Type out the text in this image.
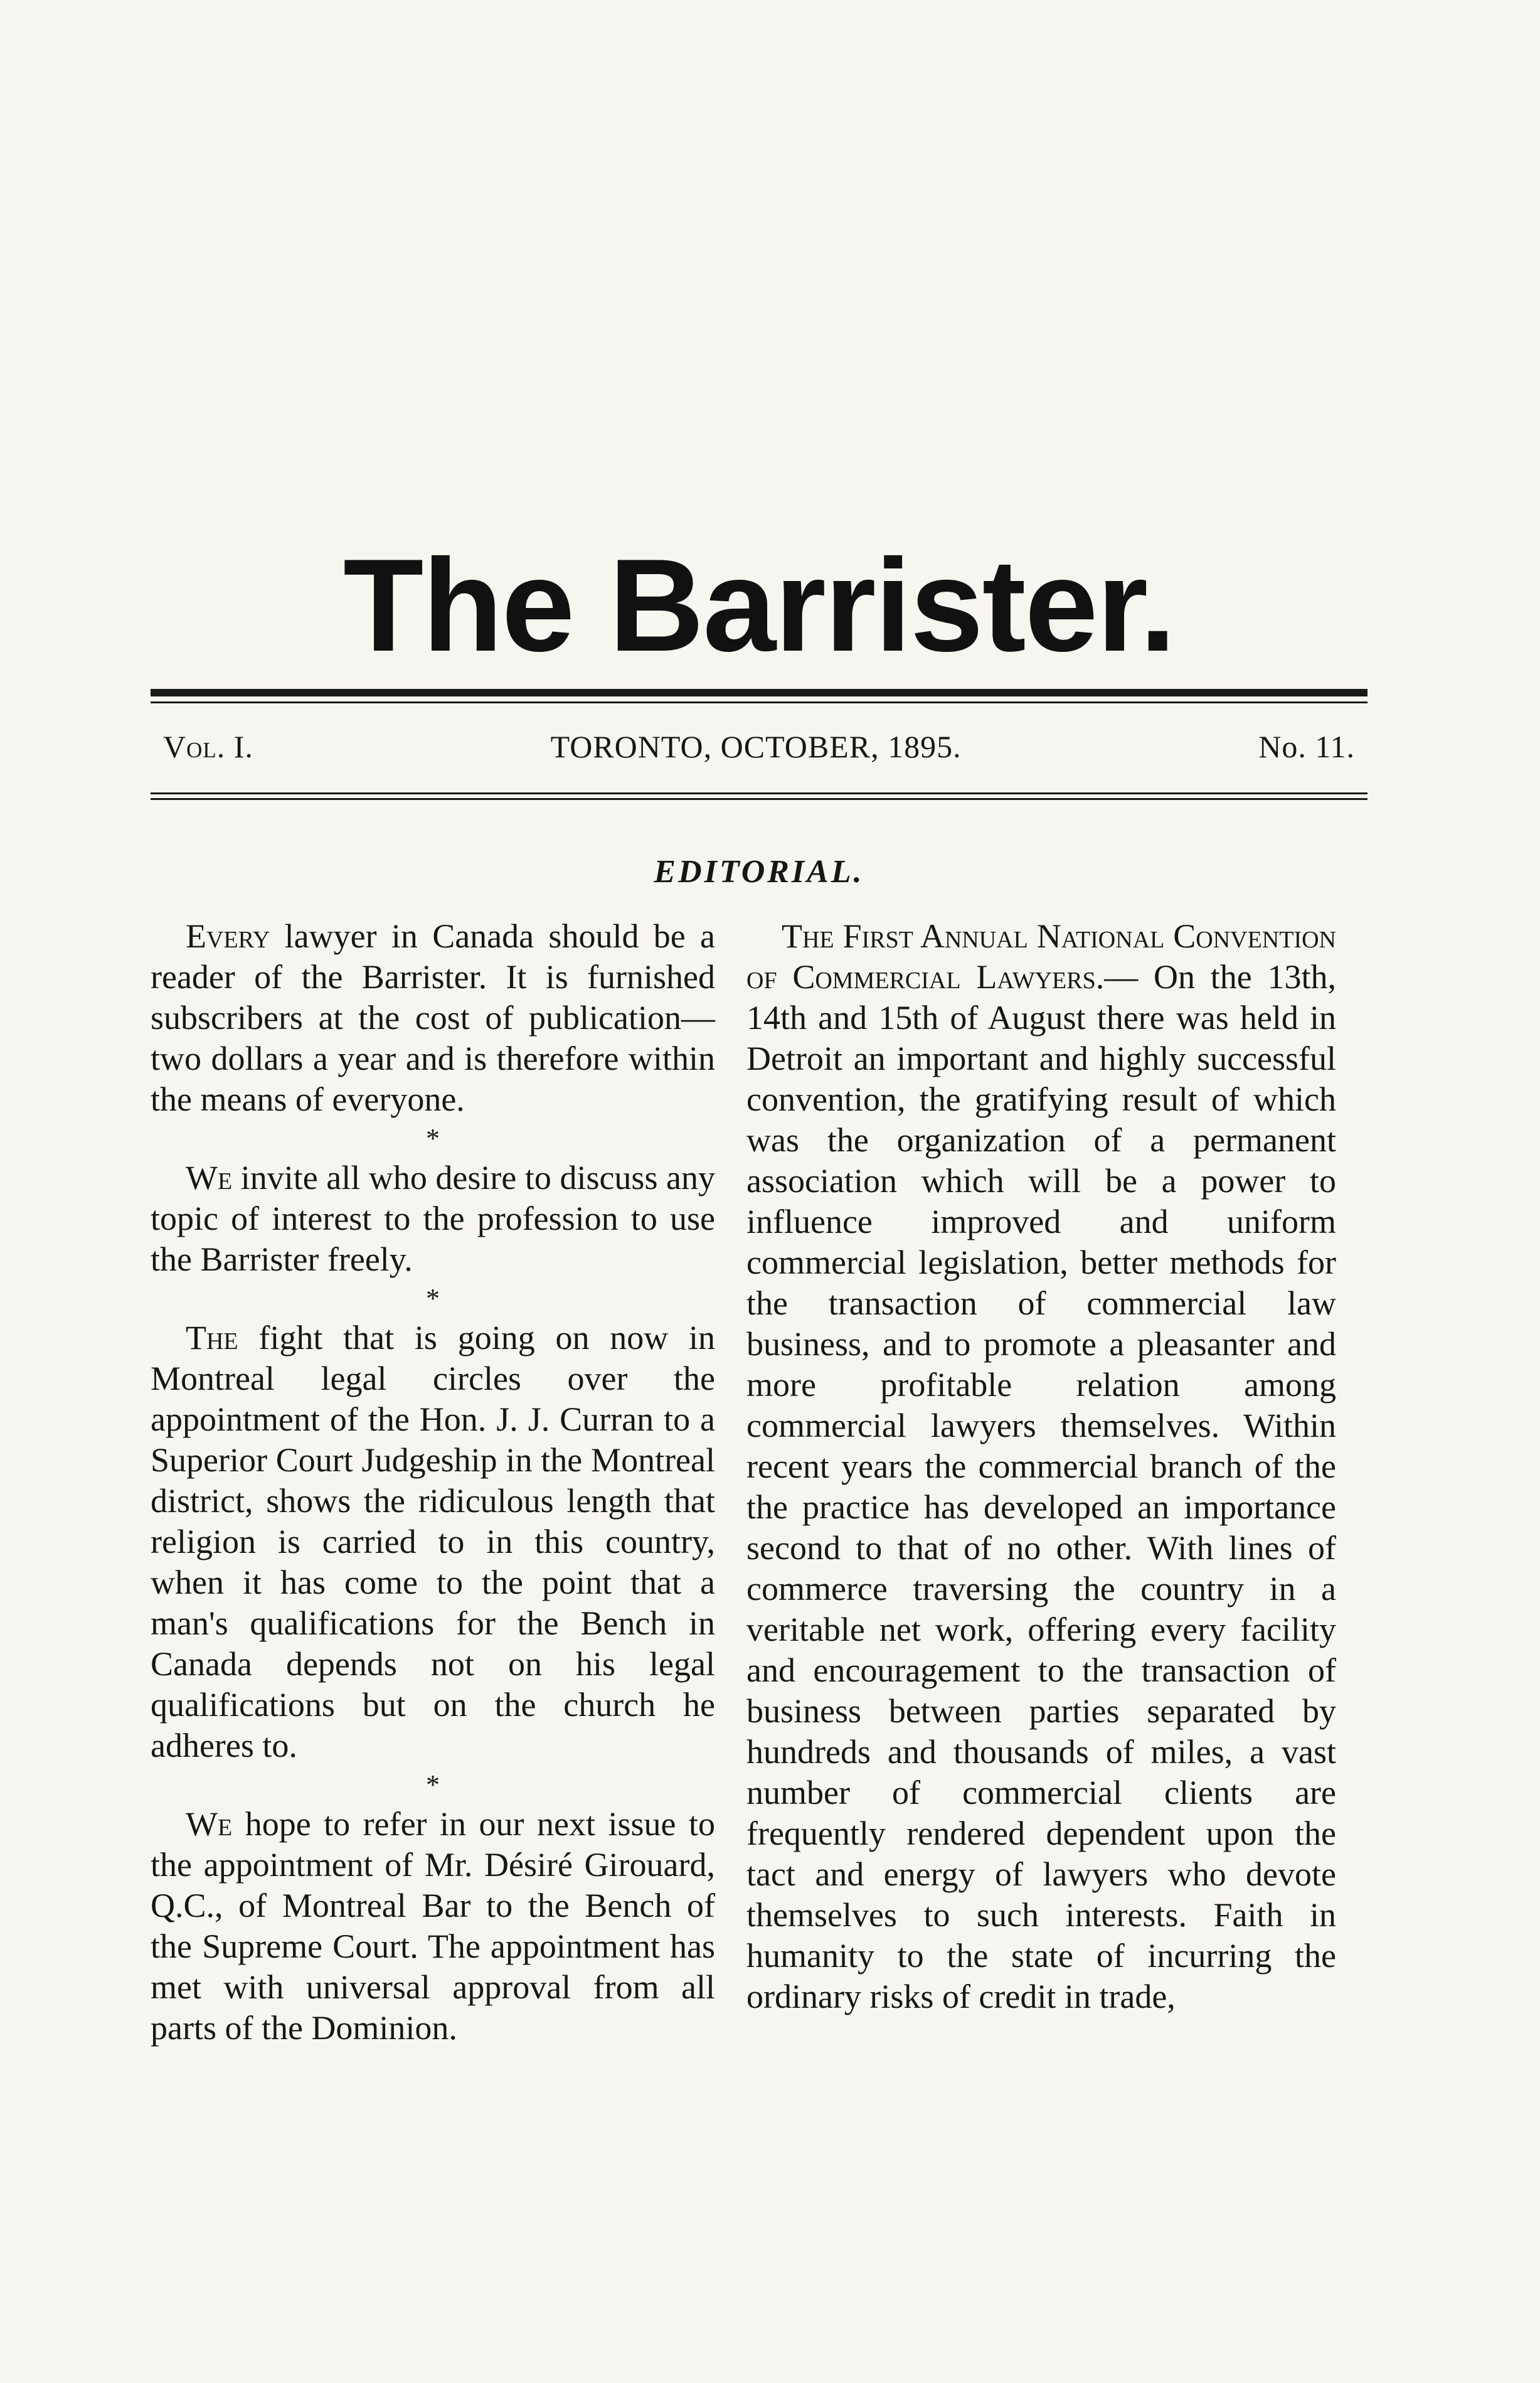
The Barrister.
Vol. I.	TORONTO, OCTOBER, 1895.	No. 11.
EDITORIAL.

Every lawyer in Canada should be a reader of the Barrister. It is furnished subscribers at the cost of publication—two dollars a year and is therefore within the means of everyone.

*

We invite all who desire to discuss any topic of interest to the profession to use the Barrister freely.

*

The fight that is going on now in Montreal legal circles over the appointment of the Hon. J. J. Curran to a Superior Court Judgeship in the Montreal district, shows the ridiculous length that religion is carried to in this country, when it has come to the point that a man's qualifications for the Bench in Canada depends not on his legal qualifications but on the church he adheres to.

*

We hope to refer in our next issue to the appointment of Mr. Désiré Girouard, Q.C., of Montreal Bar to the Bench of the Supreme Court. The appointment has met with universal approval from all parts of the Dominion.

The First Annual National Convention of Commercial Lawyers.— On the 13th, 14th and 15th of August there was held in Detroit an important and highly successful convention, the gratifying result of which was the organization of a permanent association which will be a power to influence improved and uniform commercial legislation, better methods for the transaction of commercial law business, and to promote a pleasanter and more profitable relation among commercial lawyers themselves. Within recent years the commercial branch of the the practice has developed an importance second to that of no other. With lines of commerce traversing the country in a veritable net work, offering every facility and encouragement to the transaction of business between parties separated by hundreds and thousands of miles, a vast number of commercial clients are frequently rendered dependent upon the tact and energy of lawyers who devote themselves to such interests. Faith in humanity to the state of incurring the ordinary risks of credit in trade,
